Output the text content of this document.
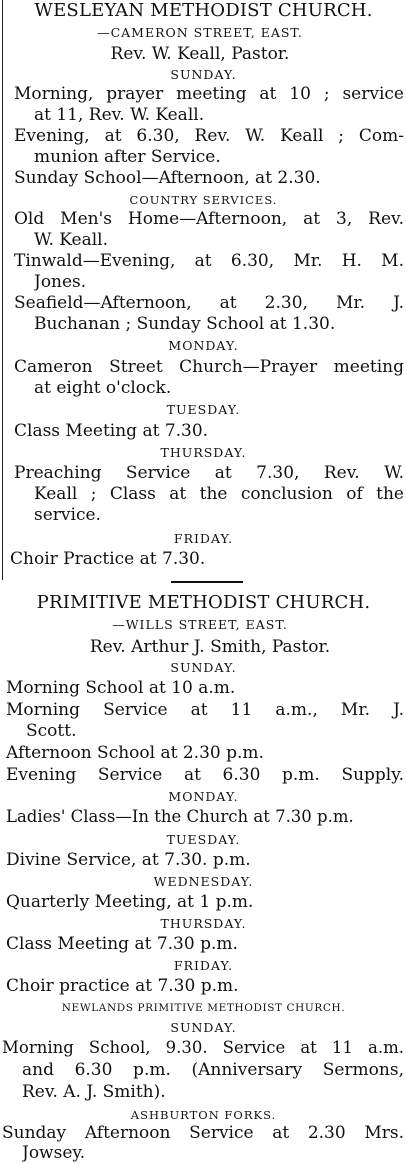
WESLEYAN METHODIST CHURCH.
—CAMERON STREET, EAST.
Rev. W. Keall, Pastor.
SUNDAY.
Morning, prayer meeting at 10 ; service
at 11, Rev. W. Keall.
Evening, at 6.30, Rev. W. Keall ; Com-
munion after Service.
Sunday School—Afternoon, at 2.30.
COUNTRY SERVICES.
Old Men's Home—Afternoon, at 3, Rev.
W. Keall.
Tinwald—Evening, at 6.30, Mr. H. M.
Jones.
Seafield—Afternoon, at 2.30, Mr. J.
Buchanan ; Sunday School at 1.30.
MONDAY.
Cameron Street Church—Prayer meeting
at eight o'clock.
TUESDAY.
Class Meeting at 7.30.
THURSDAY.
Preaching Service at 7.30, Rev. W.
Keall ; Class at the conclusion of the
service.
FRIDAY.
Choir Practice at 7.30.
PRIMITIVE METHODIST CHURCH.
—WILLS STREET, EAST.
Rev. Arthur J. Smith, Pastor.
SUNDAY.
Morning School at 10 a.m.
Morning Service at 11 a.m., Mr. J.
Scott.
Afternoon School at 2.30 p.m.
Evening Service at 6.30 p.m. Supply.
MONDAY.
Ladies' Class—In the Church at 7.30 p.m.
TUESDAY.
Divine Service, at 7.30. p.m.
WEDNESDAY.
Quarterly Meeting, at 1 p.m.
THURSDAY.
Class Meeting at 7.30 p.m.
FRIDAY.
Choir practice at 7.30 p.m.
NEWLANDS PRIMITIVE METHODIST CHURCH.
SUNDAY.
Morning School, 9.30. Service at 11 a.m.
and 6.30 p.m. (Anniversary Sermons,
Rev. A. J. Smith).
ASHBURTON FORKS.
Sunday Afternoon Service at 2.30 Mrs.
Jowsey.
